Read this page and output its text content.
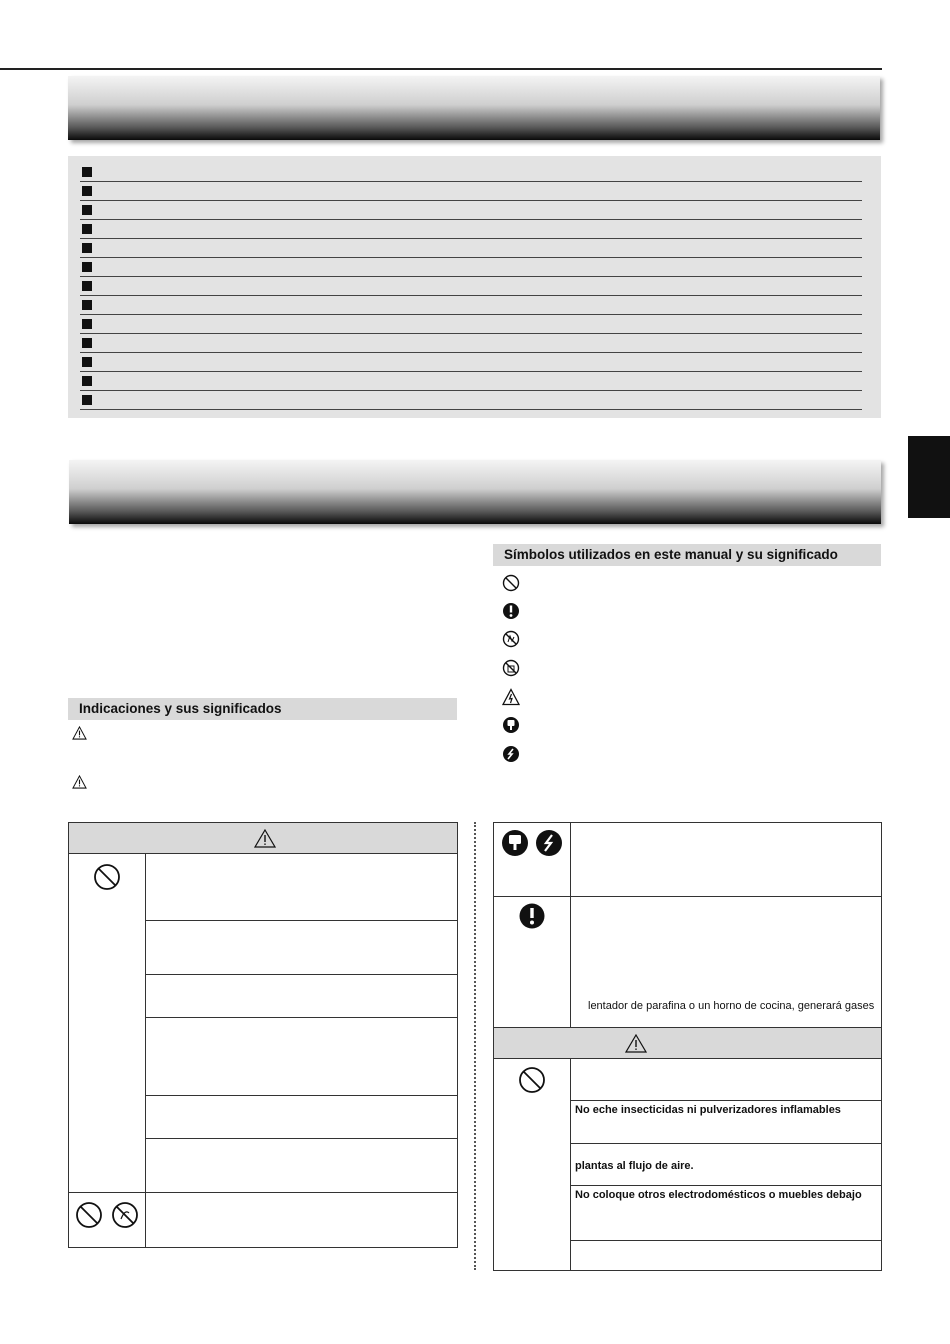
Símbolos utilizados en este manual y su significado
Indicaciones y sus significados
lentador de parafina o un horno de cocina, generará gases
No eche insecticidas ni pulverizadores inflamables
plantas al flujo de aire.
No coloque otros electrodomésticos o muebles debajo
